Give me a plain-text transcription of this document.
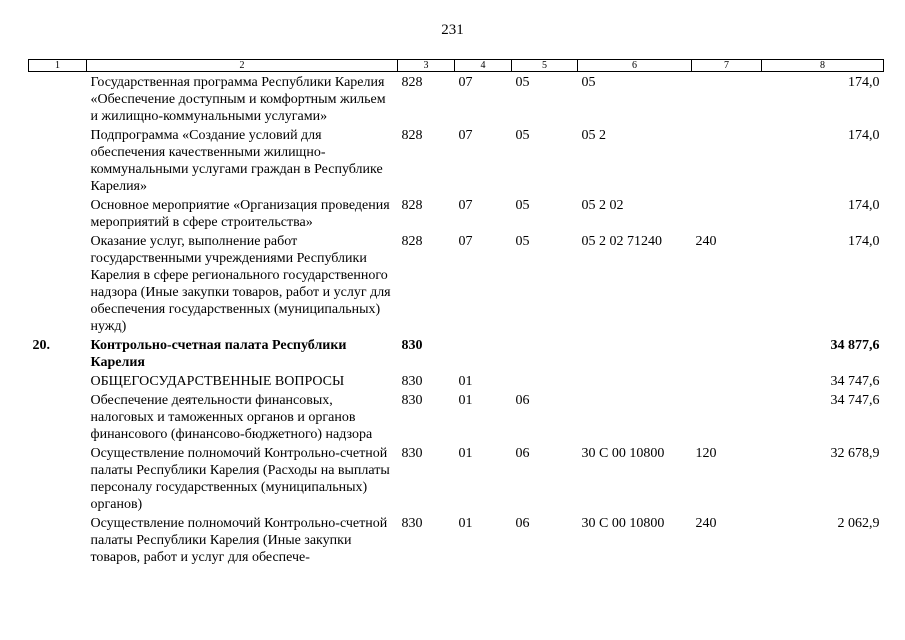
231
1	2	3	4	5	6	7	8
	Государственная программа Республики Карелия «Обеспечение доступным и комфортным жильем и жилищно-коммунальными услугами»	828	07	05	05		174,0
	Подпрограмма «Создание условий для обеспечения качественными жилищно-коммунальными услугами граждан в Республике Карелия»	828	07	05	05 2		174,0
	Основное мероприятие «Организация проведения мероприятий в сфере строительства»	828	07	05	05 2 02		174,0
	Оказание услуг, выполнение работ государственными учреждениями Республики Карелия в сфере регионального государственного надзора (Иные закупки товаров, работ и услуг для обеспечения государственных (муниципальных) нужд)	828	07	05	05 2 02 71240	240	174,0
20.	Контрольно-счетная палата Республики Карелия	830					34 877,6
	ОБЩЕГОСУДАРСТВЕННЫЕ ВОПРОСЫ	830	01				34 747,6
	Обеспечение деятельности финансовых, налоговых и таможенных органов и органов финансового (финансово-бюджетного) надзора	830	01	06			34 747,6
	Осуществление полномочий Контрольно-счетной палаты Республики Карелия (Расходы на выплаты персоналу государственных (муниципальных) органов)	830	01	06	30 С 00 10800	120	32 678,9
	Осуществление полномочий Контрольно-счетной палаты Республики Карелия (Иные закупки товаров, работ и услуг для обеспече-	830	01	06	30 С 00 10800	240	2 062,9
